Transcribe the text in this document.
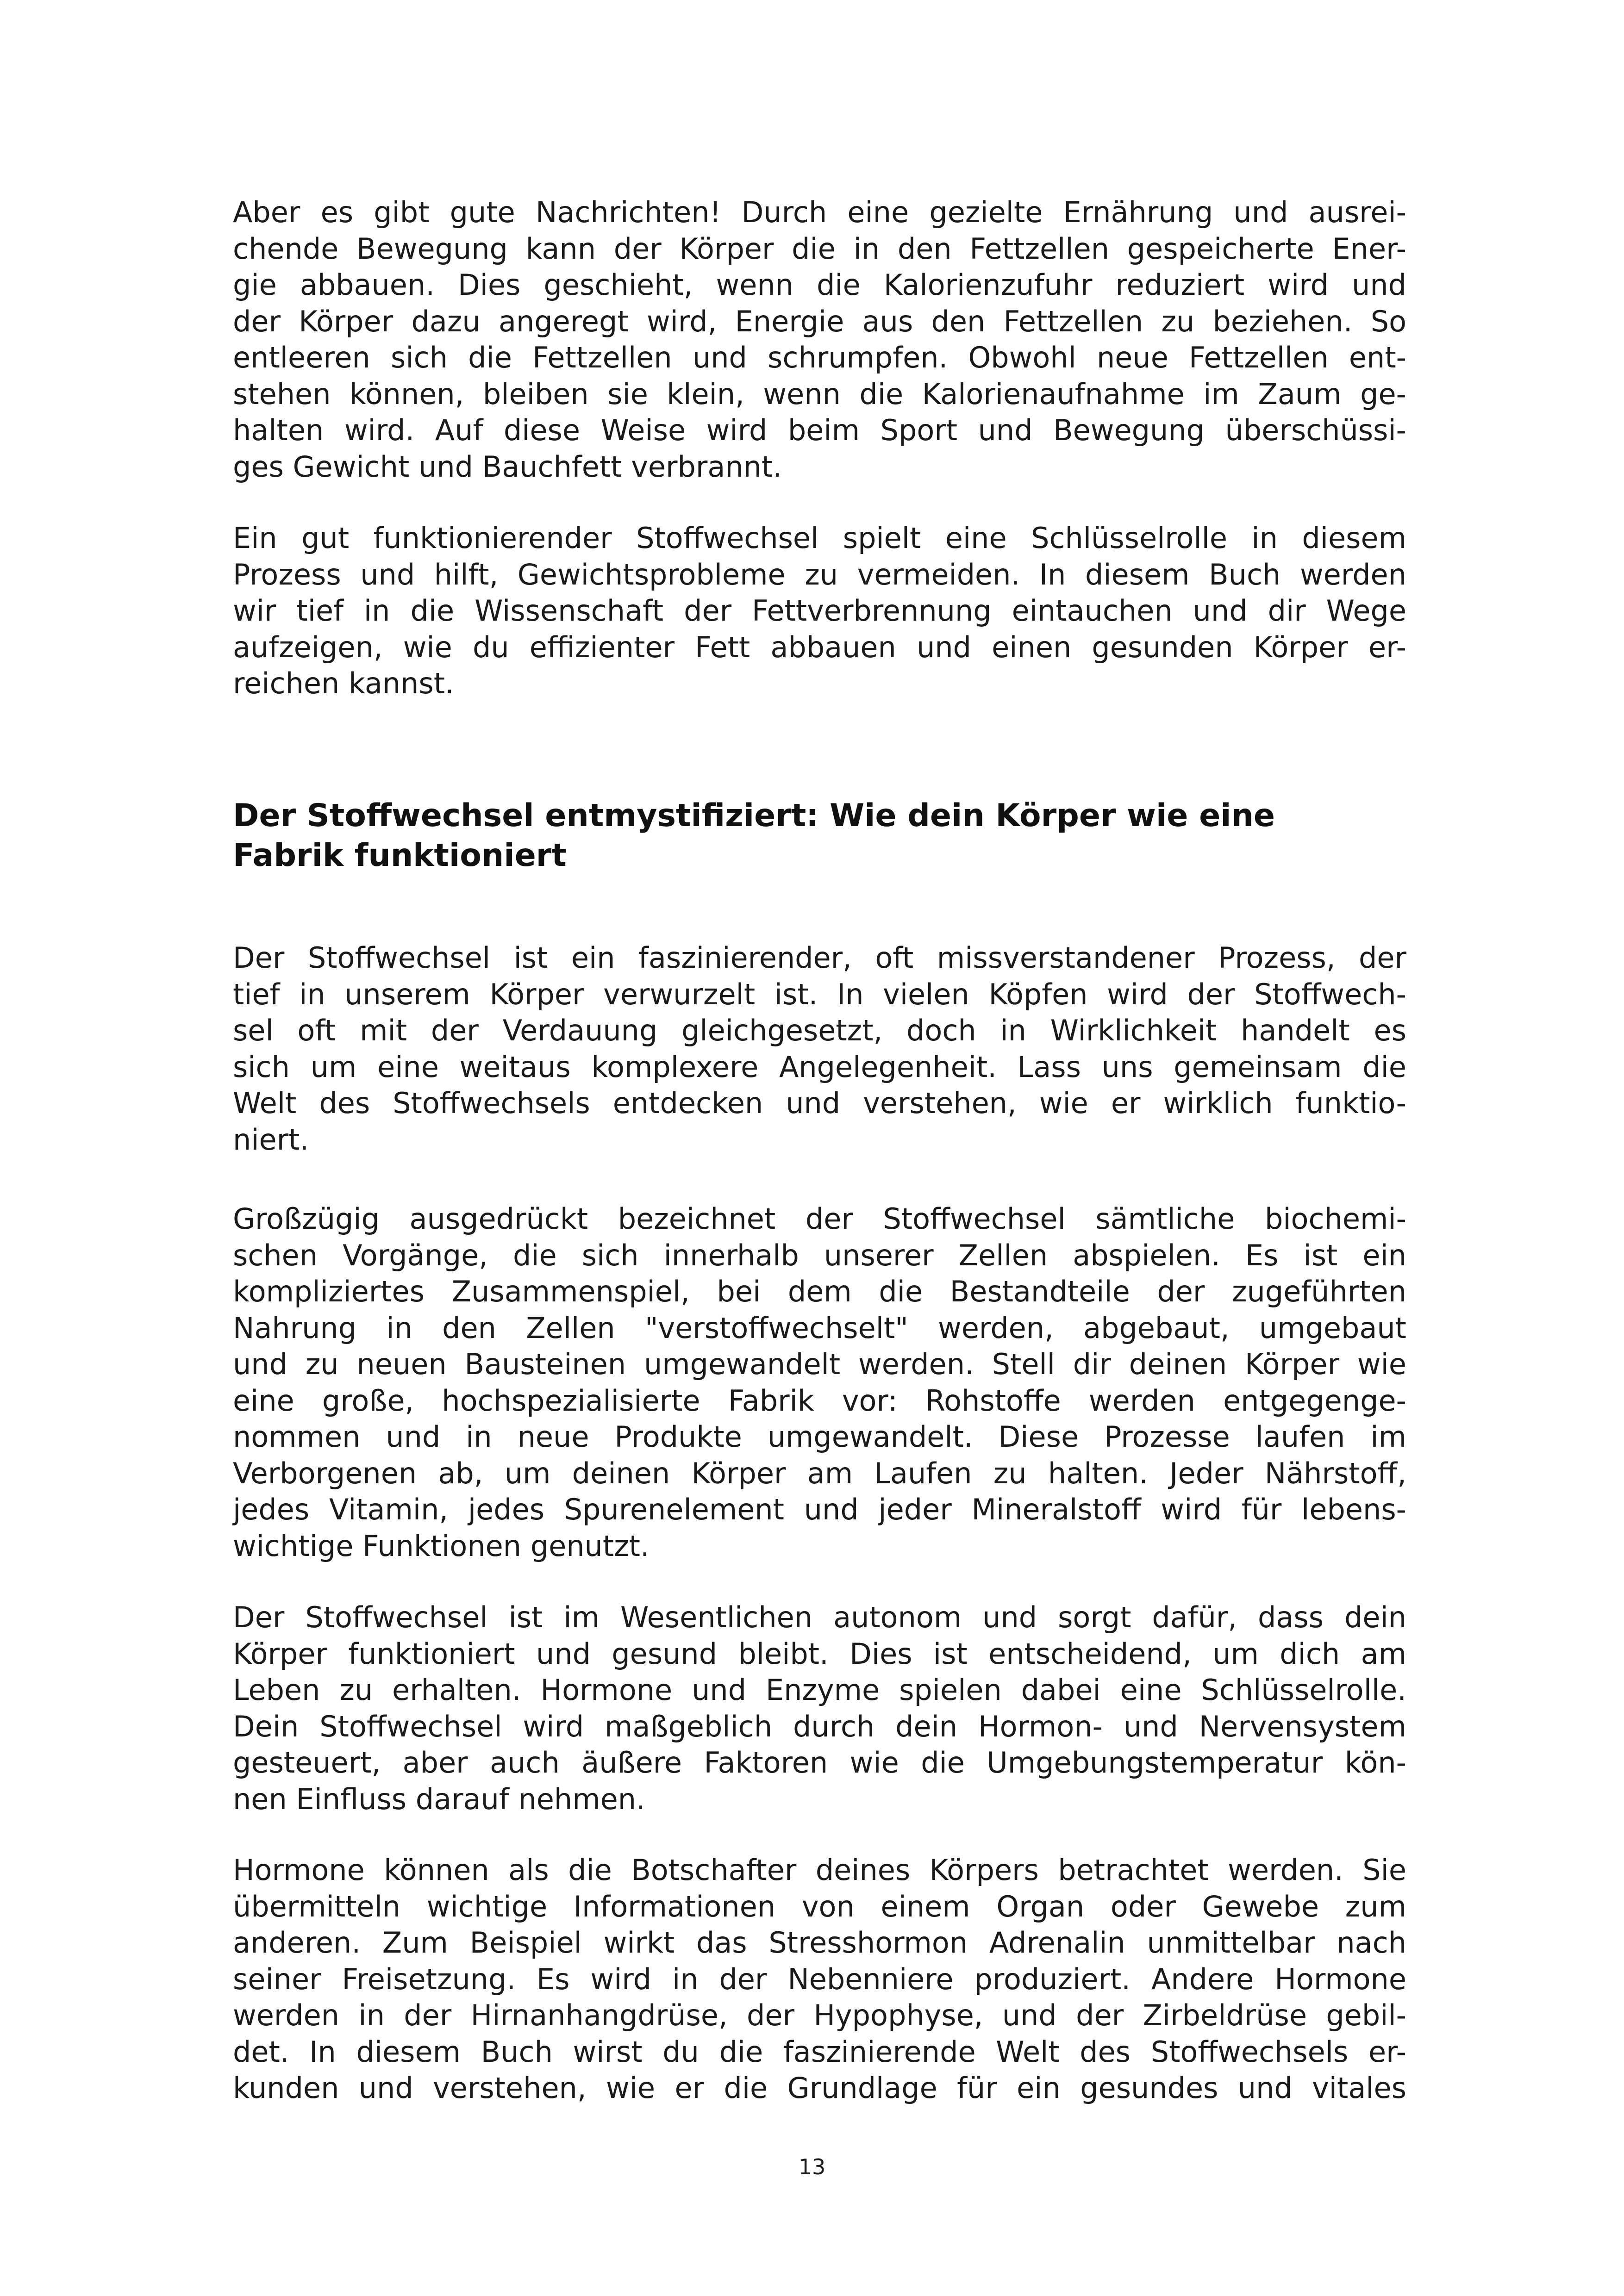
Aber es gibt gute Nachrichten! Durch eine gezielte Ernährung und ausrei-
chende Bewegung kann der Körper die in den Fettzellen gespeicherte Ener-
gie abbauen. Dies geschieht, wenn die Kalorienzufuhr reduziert wird und
der Körper dazu angeregt wird, Energie aus den Fettzellen zu beziehen. So
entleeren sich die Fettzellen und schrumpfen. Obwohl neue Fettzellen ent-
stehen können, bleiben sie klein, wenn die Kalorienaufnahme im Zaum ge-
halten wird. Auf diese Weise wird beim Sport und Bewegung überschüssi-
ges Gewicht und Bauchfett verbrannt.

Ein gut funktionierender Stoffwechsel spielt eine Schlüsselrolle in diesem
Prozess und hilft, Gewichtsprobleme zu vermeiden. In diesem Buch werden
wir tief in die Wissenschaft der Fettverbrennung eintauchen und dir Wege
aufzeigen, wie du effizienter Fett abbauen und einen gesunden Körper er-
reichen kannst.

Der Stoffwechsel entmystifiziert: Wie dein Körper wie eine
Fabrik funktioniert

Der Stoffwechsel ist ein faszinierender, oft missverstandener Prozess, der
tief in unserem Körper verwurzelt ist. In vielen Köpfen wird der Stoffwech-
sel oft mit der Verdauung gleichgesetzt, doch in Wirklichkeit handelt es
sich um eine weitaus komplexere Angelegenheit. Lass uns gemeinsam die
Welt des Stoffwechsels entdecken und verstehen, wie er wirklich funktio-
niert.

Großzügig ausgedrückt bezeichnet der Stoffwechsel sämtliche biochemi-
schen Vorgänge, die sich innerhalb unserer Zellen abspielen. Es ist ein
kompliziertes Zusammenspiel, bei dem die Bestandteile der zugeführten
Nahrung in den Zellen "verstoffwechselt" werden, abgebaut, umgebaut
und zu neuen Bausteinen umgewandelt werden. Stell dir deinen Körper wie
eine große, hochspezialisierte Fabrik vor: Rohstoffe werden entgegenge-
nommen und in neue Produkte umgewandelt. Diese Prozesse laufen im
Verborgenen ab, um deinen Körper am Laufen zu halten. Jeder Nährstoff,
jedes Vitamin, jedes Spurenelement und jeder Mineralstoff wird für lebens-
wichtige Funktionen genutzt.

Der Stoffwechsel ist im Wesentlichen autonom und sorgt dafür, dass dein
Körper funktioniert und gesund bleibt. Dies ist entscheidend, um dich am
Leben zu erhalten. Hormone und Enzyme spielen dabei eine Schlüsselrolle.
Dein Stoffwechsel wird maßgeblich durch dein Hormon- und Nervensystem
gesteuert, aber auch äußere Faktoren wie die Umgebungstemperatur kön-
nen Einfluss darauf nehmen.

Hormone können als die Botschafter deines Körpers betrachtet werden. Sie
übermitteln wichtige Informationen von einem Organ oder Gewebe zum
anderen. Zum Beispiel wirkt das Stresshormon Adrenalin unmittelbar nach
seiner Freisetzung. Es wird in der Nebenniere produziert. Andere Hormone
werden in der Hirnanhangdrüse, der Hypophyse, und der Zirbeldrüse gebil-
det. In diesem Buch wirst du die faszinierende Welt des Stoffwechsels er-
kunden und verstehen, wie er die Grundlage für ein gesundes und vitales

13
